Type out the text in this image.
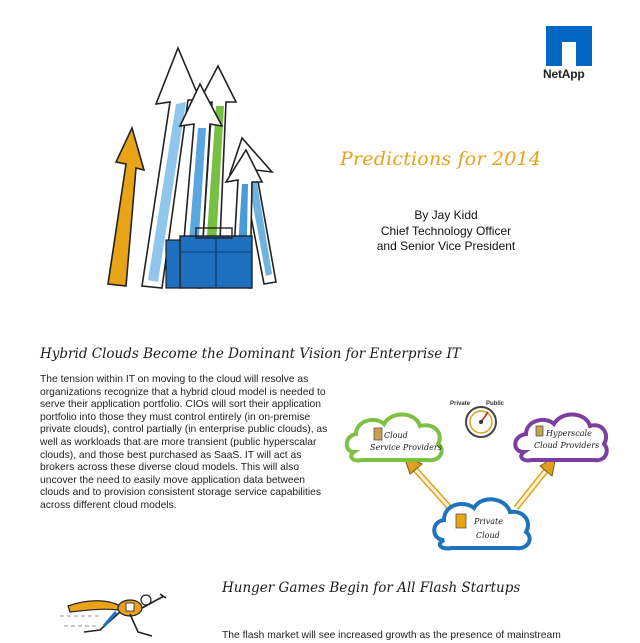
NetApp
Predictions for 2014
By Jay Kidd
Chief Technology Officer
and Senior Vice President
Hybrid Clouds Become the Dominant Vision for Enterprise IT
The tension within IT on moving to the cloud will resolve as organizations recognize that a hybrid cloud model is needed to serve their application portfolio. CIOs will sort their application portfolio into those they must control entirely (in on-premise private clouds), control partially (in enterprise public clouds), as well as workloads that are more transient (public hyperscalar clouds), and those best purchased as SaaS. IT will act as brokers across these diverse cloud models. This will also uncover the need to easily move application data between clouds and to provision consistent storage service capabilities across different cloud models.
Private	Public
Cloud
Service Providers
Hyperscale
Cloud Providers
Private
Cloud
Hunger Games Begin for All Flash Startups
The flash market will see increased growth as the presence of mainstream
